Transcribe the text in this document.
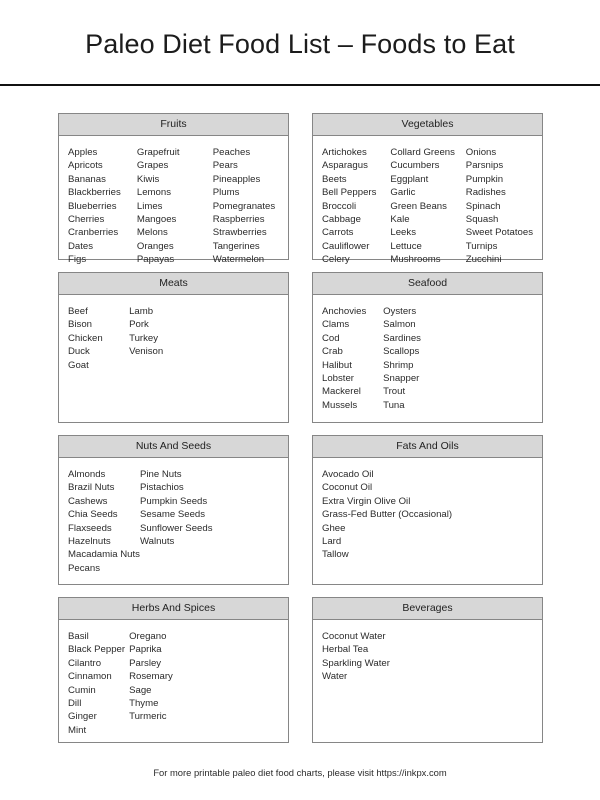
Paleo Diet Food List – Foods to Eat
Fruits
Apples
Apricots
Bananas
Blackberries
Blueberries
Cherries
Cranberries
Dates
Figs
Grapefruit
Grapes
Kiwis
Lemons
Limes
Mangoes
Melons
Oranges
Papayas
Peaches
Pears
Pineapples
Plums
Pomegranates
Raspberries
Strawberries
Tangerines
Watermelon
Vegetables
Artichokes
Asparagus
Beets
Bell Peppers
Broccoli
Cabbage
Carrots
Cauliflower
Celery
Collard Greens
Cucumbers
Eggplant
Garlic
Green Beans
Kale
Leeks
Lettuce
Mushrooms
Onions
Parsnips
Pumpkin
Radishes
Spinach
Squash
Sweet Potatoes
Turnips
Zucchini
Meats
Beef
Bison
Chicken
Duck
Goat
Lamb
Pork
Turkey
Venison
Seafood
Anchovies
Clams
Cod
Crab
Halibut
Lobster
Mackerel
Mussels
Oysters
Salmon
Sardines
Scallops
Shrimp
Snapper
Trout
Tuna
Nuts And Seeds
Almonds
Brazil Nuts
Cashews
Chia Seeds
Flaxseeds
Hazelnuts
Macadamia Nuts
Pecans
Pine Nuts
Pistachios
Pumpkin Seeds
Sesame Seeds
Sunflower Seeds
Walnuts
Fats And Oils
Avocado Oil
Coconut Oil
Extra Virgin Olive Oil
Grass-Fed Butter (Occasional)
Ghee
Lard
Tallow
Herbs And Spices
Basil
Black Pepper
Cilantro
Cinnamon
Cumin
Dill
Ginger
Mint
Oregano
Paprika
Parsley
Rosemary
Sage
Thyme
Turmeric
Beverages
Coconut Water
Herbal Tea
Sparkling Water
Water
For more printable paleo diet food charts, please visit https://inkpx.com
